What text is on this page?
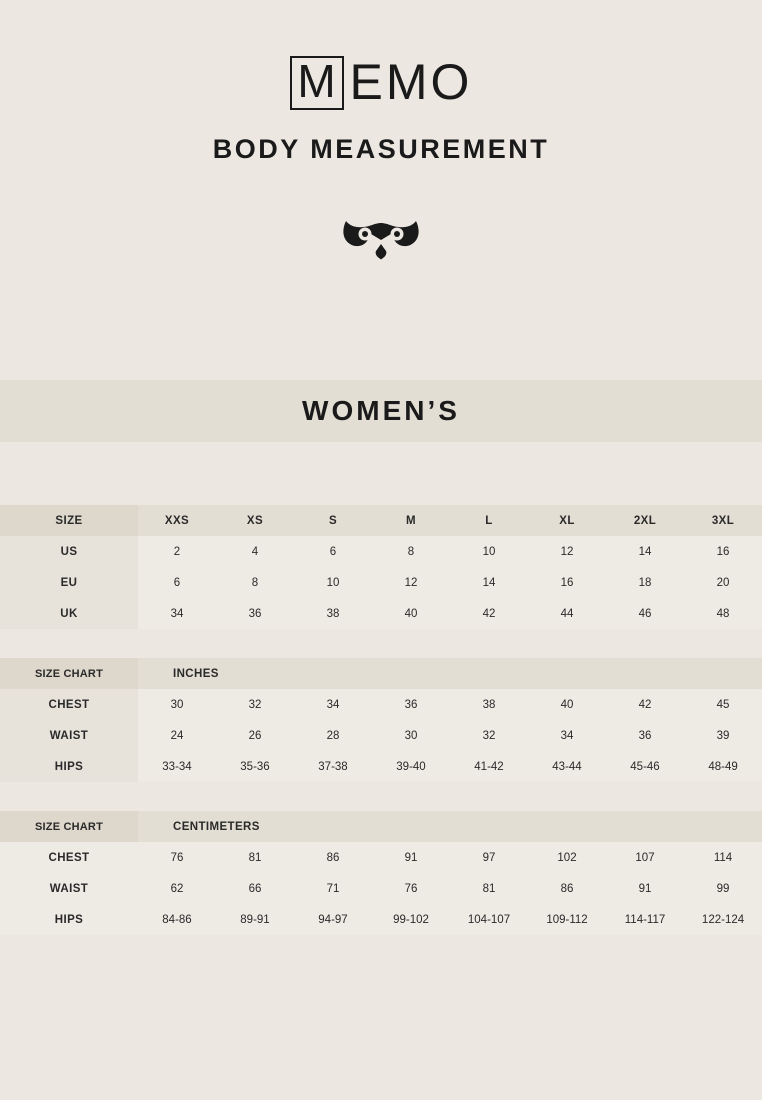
M EMO
BODY MEASUREMENT
WOMEN’S
SIZE	XXS	XS	S	M	L	XL	2XL	3XL
US	2	4	6	8	10	12	14	16
EU	6	8	10	12	14	16	18	20
UK	34	36	38	40	42	44	46	48
SIZE CHART	INCHES							
CHEST	30	32	34	36	38	40	42	45
WAIST	24	26	28	30	32	34	36	39
HIPS	33-34	35-36	37-38	39-40	41-42	43-44	45-46	48-49
SIZE CHART	CENTIMETERS							
CHEST	76	81	86	91	97	102	107	114
WAIST	62	66	71	76	81	86	91	99
HIPS	84-86	89-91	94-97	99-102	104-107	109-112	114-117	122-124
